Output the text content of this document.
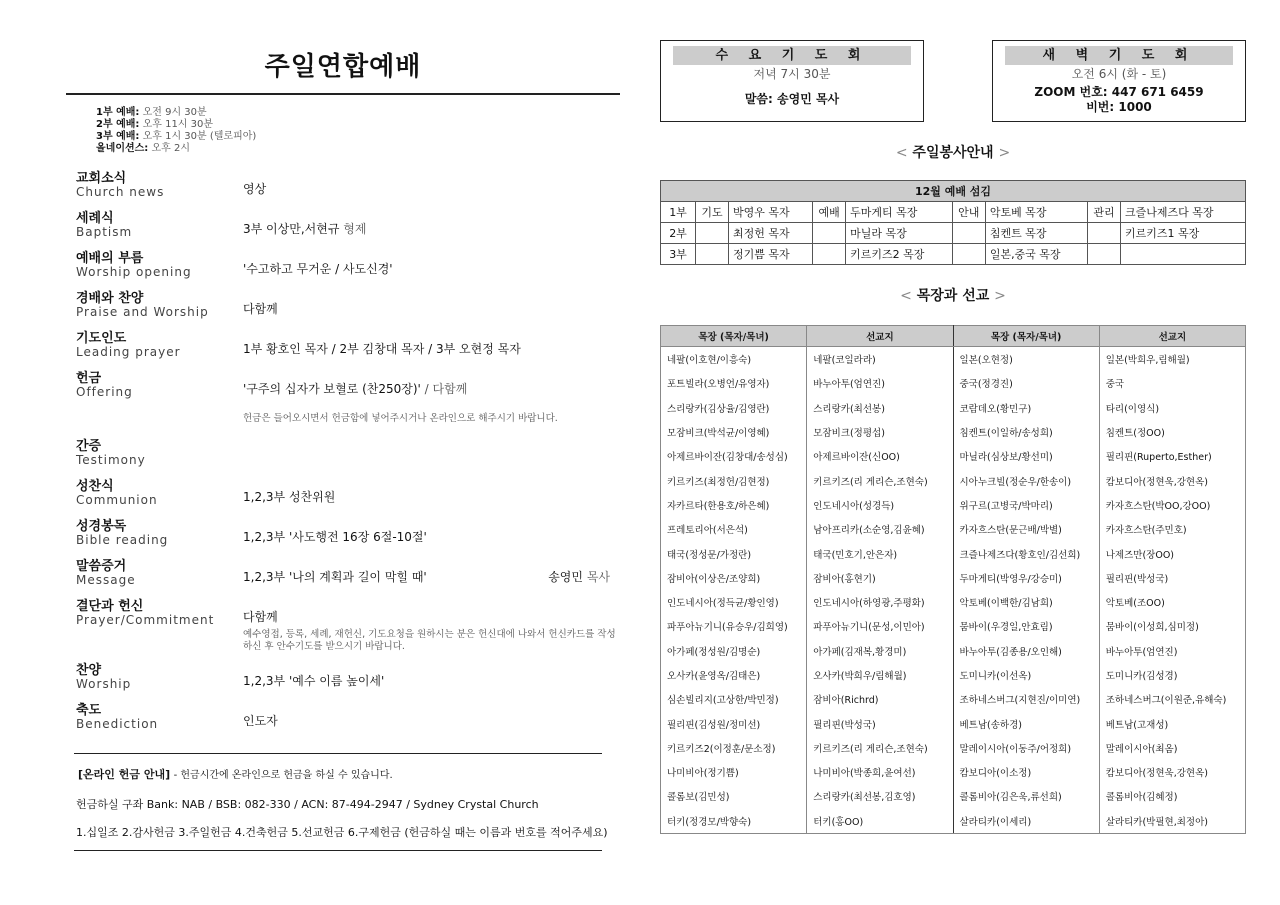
주일연합예배
1부 예배: 오전 9시 30분
2부 예배: 오후 11시 30분
3부 예배: 오후 1시 30분 (텔로피아)
올네이션스: 오후 2시
교회소식
Church news	영상
세례식
Baptism	3부 이상만,서현규 형제
예배의 부름
Worship opening	'수고하고 무거운 / 사도신경'
경배와 찬양
Praise and Worship	다함께
기도인도
Leading prayer	1부 황호인 목자 / 2부 김창대 목자 / 3부 오현정 목자
헌금
Offering	'구주의 십자가 보혈로 (찬250장)' / 다함께
헌금은 들어오시면서 헌금함에 넣어주시거나 온라인으로 해주시기 바랍니다.
간증
Testimony
성찬식
Communion	1,2,3부 성찬위원
성경봉독
Bible reading	1,2,3부 '사도행전 16장 6절-10절'
말씀증거
Message	1,2,3부 '나의 계획과 길이 막힐 때'	송영민 목사
결단과 헌신
Prayer/Commitment	다함께
예수영접, 등록, 세례, 재헌신, 기도요청을 원하시는 분은 헌신대에 나와서 헌신카드를 작성하신 후 안수기도를 받으시기 바랍니다.
찬양
Worship	1,2,3부 '예수 이름 높이세'
축도
Benediction	인도자
[온라인 헌금 안내] - 헌금시간에 온라인으로 헌금을 하실 수 있습니다.
헌금하실 구좌 Bank: NAB / BSB: 082-330 / ACN: 87-494-2947 / Sydney Crystal Church
1.십일조 2.감사헌금 3.주일헌금 4.건축헌금 5.선교헌금 6.구제헌금 (헌금하실 때는 이름과 번호를 적어주세요)
수 요 기 도 회
저녁 7시 30분
말씀: 송영민 목사
새 벽 기 도 회
오전 6시 (화 - 토)
ZOOM 번호: 447 671 6459
비번: 1000
< 주일봉사안내 >
12월 예배 섬김								
1부	기도	박영우 목자	예배	두마게티 목장	안내	악토베 목장	관리	크즐나제즈다 목장
2부		최정헌 목자		마닐라 목장		침켄트 목장		키르키즈1 목장
3부		정기쁨 목자		키르키즈2 목장		일본,중국 목장		
< 목장과 선교 >
목장 (목자/목녀)	선교지	목장 (목자/목녀)	선교지
네팔(이호현/이흥숙)	네팔(코일라라)	일본(오현정)	일본(박희우,림해월)
포트빌라(오병언/유영자)	바누아투(엄연진)	중국(정경진)	중국
스리랑카(김상율/김영란)	스리랑카(최선봉)	코람데오(황민구)	타리(이영식)
모잠비크(박석균/이영혜)	모잠비크(정평섭)	침켄트(이일하/송성희)	침켄트(정OO)
아제르바이잔(김창대/송성심)	아제르바이잔(신OO)	마닐라(심상보/황선미)	필리핀(Ruperto,Esther)
키르키즈(최정헌/김현정)	키르키즈(리 게리슨,조현숙)	시아누크빌(정순우/한송이)	캄보디아(정현욱,강현옥)
자카르타(한용호/하은혜)	인도네시아(성경득)	위구르(고병국/박마리)	카자흐스탄(박OO,강OO)
프레토리아(서은석)	남아프리카(소순영,김윤혜)	카자흐스탄(문근배/박별)	카자흐스탄(주민호)
태국(정성문/가정란)	태국(민호기,안은자)	크즐나제즈다(황호인/김선희)	나제즈만(장OO)
잠비아(이상은/조양희)	잠비아(홍현기)	두마게티(박영우/강승미)	필리핀(박성국)
인도네시아(정득균/황인영)	인도네시아(하영광,주평화)	악토베(이백한/김남희)	악토베(조OO)
파푸아뉴기니(유승우/김희영)	파푸아뉴기니(문성,이민아)	뭄바이(우경일,안효림)	뭄바이(이성희,심미정)
아가페(정성원/김명순)	아가페(김재복,황경미)	바누아투(김종용/오인해)	바누아투(엄연진)
오사카(윤영옥/김태은)	오사카(박희우/림해월)	도미니카(이선옥)	도미니카(김성경)
심손빌리지(고상한/박민정)	잠비아(Richrd)	조하네스버그(지현진/이미연)	조하네스버그(이원준,유해숙)
필리핀(김성원/정미선)	필리핀(박성국)	베트남(송하경)	베트남(고재성)
키르키즈2(이정훈/문소정)	키르키즈(리 게리슨,조현숙)	말레이시아(이동주/어정희)	말레이시아(최옴)
나미비아(정기쁨)	나미비아(박종희,윤여선)	캄보디아(이소정)	캄보디아(정현욱,강현옥)
콜롬보(김민성)	스리랑카(최선봉,김호영)	콜롬비아(김은욱,류선희)	콜롬비아(김혜정)
터키(정경모/박향숙)	터키(홍OO)	살라티카(이세리)	살라티카(박필현,최정아)
